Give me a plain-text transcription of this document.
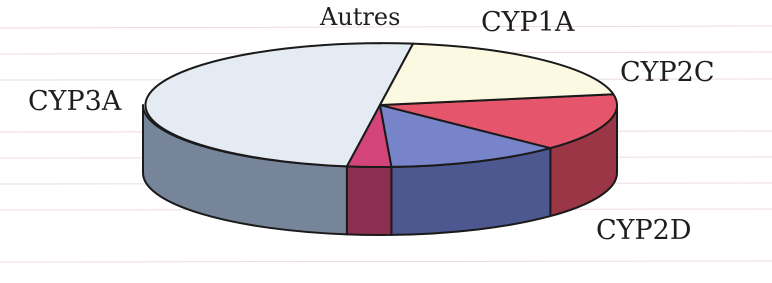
CYP3A
Autres	CYP1A
CYP2C
CYP2D
